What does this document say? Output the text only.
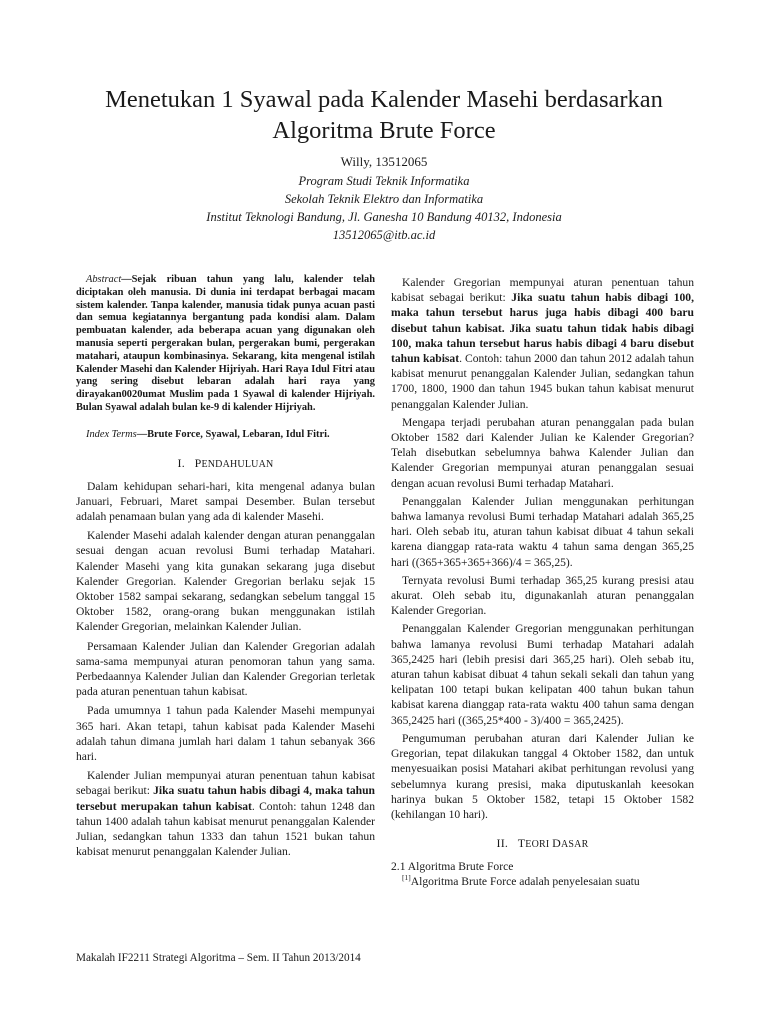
Menetukan 1 Syawal pada Kalender Masehi berdasarkan
Algoritma Brute Force
Willy, 13512065
Program Studi Teknik Informatika
Sekolah Teknik Elektro dan Informatika
Institut Teknologi Bandung, Jl. Ganesha 10 Bandung 40132, Indonesia
13512065@itb.ac.id
Abstract—Sejak ribuan tahun yang lalu, kalender telah diciptakan oleh manusia. Di dunia ini terdapat berbagai macam sistem kalender. Tanpa kalender, manusia tidak punya acuan pasti dan semua kegiatannya bergantung pada kondisi alam. Dalam pembuatan kalender, ada beberapa acuan yang digunakan oleh manusia seperti pergerakan bulan, pergerakan bumi, pergerakan matahari, ataupun kombinasinya. Sekarang, kita mengenal istilah Kalender Masehi dan Kalender Hijriyah. Hari Raya Idul Fitri atau yang sering disebut lebaran adalah hari raya yang dirayakan0020umat Muslim pada 1 Syawal di kalender Hijriyah. Bulan Syawal adalah bulan ke-9 di kalender Hijriyah.
Index Terms—Brute Force, Syawal, Lebaran, Idul Fitri.
I. PENDAHULUAN

Dalam kehidupan sehari-hari, kita mengenal adanya bulan Januari, Februari, Maret sampai Desember. Bulan tersebut adalah penamaan bulan yang ada di kalender Masehi.

Kalender Masehi adalah kalender dengan aturan penanggalan sesuai dengan acuan revolusi Bumi terhadap Matahari. Kalender Masehi yang kita gunakan sekarang juga disebut Kalender Gregorian. Kalender Gregorian berlaku sejak 15 Oktober 1582 sampai sekarang, sedangkan sebelum tanggal 15 Oktober 1582, orang-orang bukan menggunakan istilah Kalender Gregorian, melainkan Kalender Julian.

Persamaan Kalender Julian dan Kalender Gregorian adalah sama-sama mempunyai aturan penomoran tahun yang sama. Perbedaannya Kalender Julian dan Kalender Gregorian terletak pada aturan penentuan tahun kabisat.

Pada umumnya 1 tahun pada Kalender Masehi mempunyai 365 hari. Akan tetapi, tahun kabisat pada Kalender Masehi adalah tahun dimana jumlah hari dalam 1 tahun sebanyak 366 hari.

Kalender Julian mempunyai aturan penentuan tahun kabisat sebagai berikut: Jika suatu tahun habis dibagi 4, maka tahun tersebut merupakan tahun kabisat. Contoh: tahun 1248 dan tahun 1400 adalah tahun kabisat menurut penanggalan Kalender Julian, sedangkan tahun 1333 dan tahun 1521 bukan tahun kabisat menurut penanggalan Kalender Julian.

Kalender Gregorian mempunyai aturan penentuan tahun kabisat sebagai berikut: Jika suatu tahun habis dibagi 100, maka tahun tersebut harus juga habis dibagi 400 baru disebut tahun kabisat. Jika suatu tahun tidak habis dibagi 100, maka tahun tersebut harus habis dibagi 4 baru disebut tahun kabisat. Contoh: tahun 2000 dan tahun 2012 adalah tahun kabisat menurut penanggalan Kalender Julian, sedangkan tahun 1700, 1800, 1900 dan tahun 1945 bukan tahun kabisat menurut penanggalan Kalender Julian.

Mengapa terjadi perubahan aturan penanggalan pada bulan Oktober 1582 dari Kalender Julian ke Kalender Gregorian? Telah disebutkan sebelumnya bahwa Kalender Julian dan Kalender Gregorian mempunyai aturan penanggalan sesuai dengan acuan revolusi Bumi terhadap Matahari.

Penanggalan Kalender Julian menggunakan perhitungan bahwa lamanya revolusi Bumi terhadap Matahari adalah 365,25 hari. Oleh sebab itu, aturan tahun kabisat dibuat 4 tahun sekali karena dianggap rata-rata waktu 4 tahun sama dengan 365,25 hari ((365+365+365+366)/4 = 365,25).

Ternyata revolusi Bumi terhadap 365,25 kurang presisi atau akurat. Oleh sebab itu, digunakanlah aturan penanggalan Kalender Gregorian.

Penanggalan Kalender Gregorian menggunakan perhitungan bahwa lamanya revolusi Bumi terhadap Matahari adalah 365,2425 hari (lebih presisi dari 365,25 hari). Oleh sebab itu, aturan tahun kabisat dibuat 4 tahun sekali sekali dan tahun yang kelipatan 100 tetapi bukan kelipatan 400 tahun bukan tahun kabisat karena dianggap rata-rata waktu 400 tahun sama dengan 365,2425 hari ((365,25*400 - 3)/400 = 365,2425).

Pengumuman perubahan aturan dari Kalender Julian ke Gregorian, tepat dilakukan tanggal 4 Oktober 1582, dan untuk menyesuaikan posisi Matahari akibat perhitungan revolusi yang sebelumnya kurang presisi, maka diputuskanlah keesokan harinya bukan 5 Oktober 1582, tetapi 15 Oktober 1582 (kehilangan 10 hari).

II. TEORI DASAR
2.1 Algoritma Brute Force

[1]Algoritma Brute Force adalah penyelesaian suatu

Makalah IF2211 Strategi Algoritma – Sem. II Tahun 2013/2014
